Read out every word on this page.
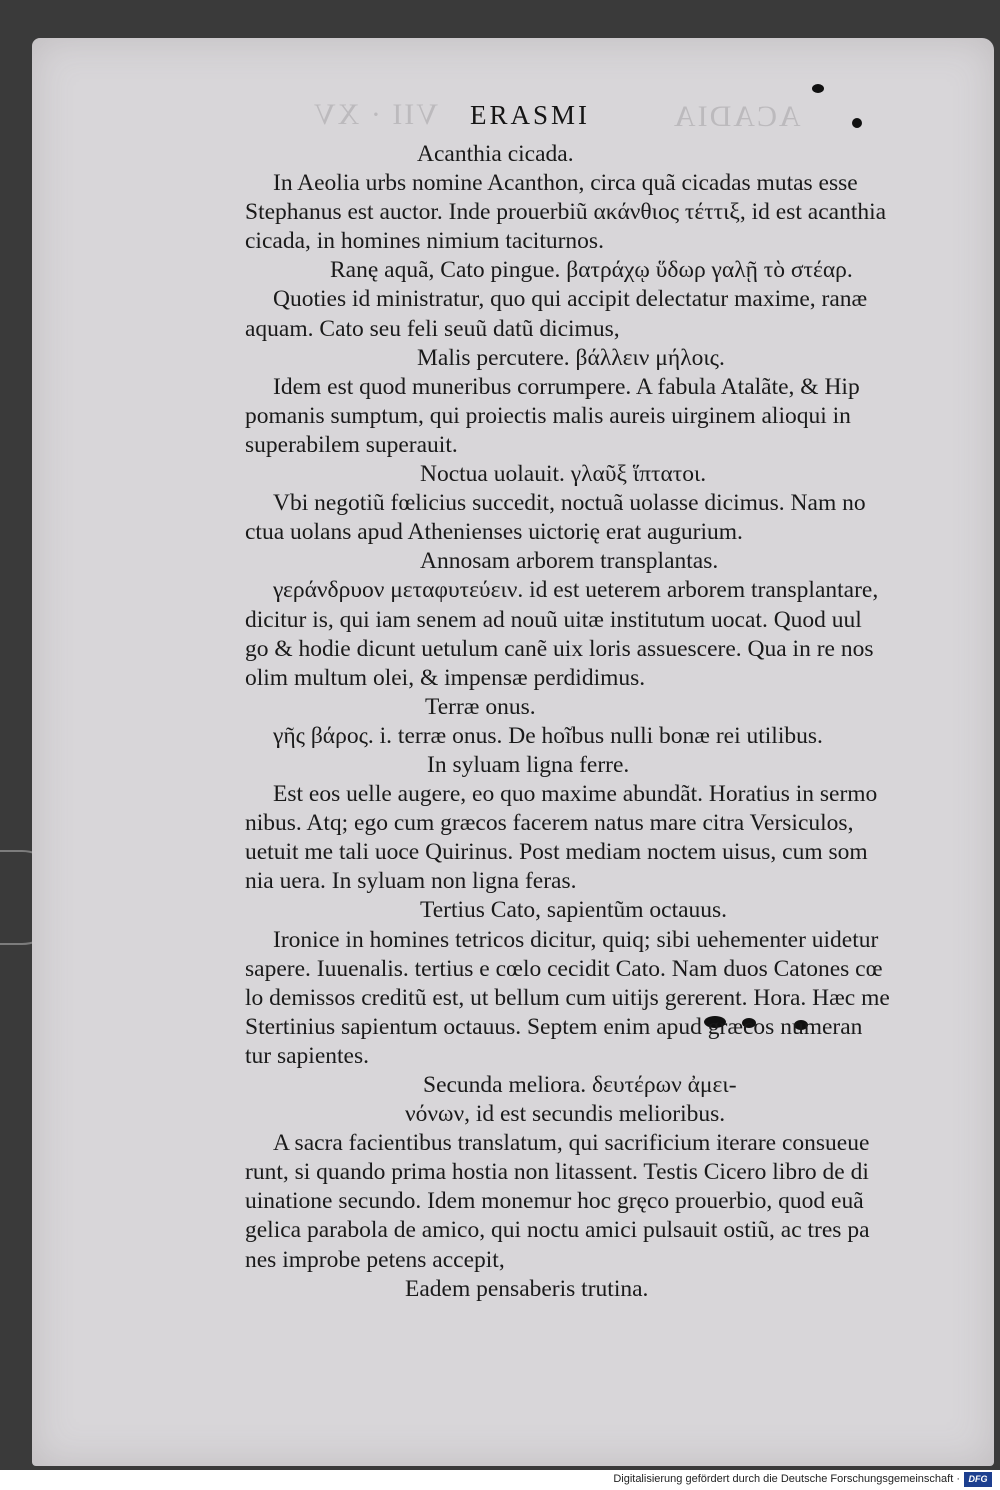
VII · XV	ACADIA
ERASMI
Acanthia cicada.
In Aeolia urbs nomine Acanthon, circa quã cicadas mutas esse
Stephanus est auctor. Inde prouerbiũ ακάνθιος τέττιξ, id est acanthia
cicada, in homines nimium taciturnos.
Ranę aquã, Cato pingue. βατράχῳ ὕδωρ γαλῇ τὸ στέαρ.
Quoties id ministratur, quo qui accipit delectatur maxime, ranæ
aquam. Cato seu feli seuũ datũ dicimus,
Malis percutere. βάλλειν μήλοις.
Idem est quod muneribus corrumpere. A fabula Atalãte, & Hip
pomanis sumptum, qui proiectis malis aureis uirginem alioqui in
superabilem superauit.
Noctua uolauit. γλαῦξ ἵπτατοι.
Vbi negotiũ fœlicius succedit, noctuã uolasse dicimus. Nam no
ctua uolans apud Athenienses uictorię erat augurium.
Annosam arborem transplantas.
γεράνδρυον μεταφυτεύειν. id est ueterem arborem transplantare,
dicitur is, qui iam senem ad nouũ uitæ institutum uocat. Quod uul
go & hodie dicunt uetulum canẽ uix loris assuescere. Qua in re nos
olim multum olei, & impensæ perdidimus.
Terræ onus.
γῆς βάρος. i. terræ onus. De hoĩbus nulli bonæ rei utilibus.
In syluam ligna ferre.
Est eos uelle augere, eo quo maxime abundãt. Horatius in sermo
nibus. Atq; ego cum græcos facerem natus mare citra Versiculos,
uetuit me tali uoce Quirinus. Post mediam noctem uisus, cum som
nia uera. In syluam non ligna feras.
Tertius Cato, sapientũm octauus.
Ironice in homines tetricos dicitur, quiq; sibi uehementer uidetur
sapere. Iuuenalis. tertius e cœlo cecidit Cato. Nam duos Catones cœ
lo demissos creditũ est, ut bellum cum uitijs gererent. Hora. Hæc me
Stertinius sapientum octauus. Septem enim apud græcos numeran
tur sapientes.
Secunda meliora. δευτέρων ἀμει-
νόνων, id est secundis melioribus.
A sacra facientibus translatum, qui sacrificium iterare consueue
runt, si quando prima hostia non litassent. Testis Cicero libro de di
uinatione secundo. Idem monemur hoc gręco prouerbio, quod euã
gelica parabola de amico, qui noctu amici pulsauit ostiũ, ac tres pa
nes improbe petens accepit,
Eadem pensaberis trutina.
Digitalisierung gefördert durch die Deutsche Forschungsgemeinschaft · DFG
